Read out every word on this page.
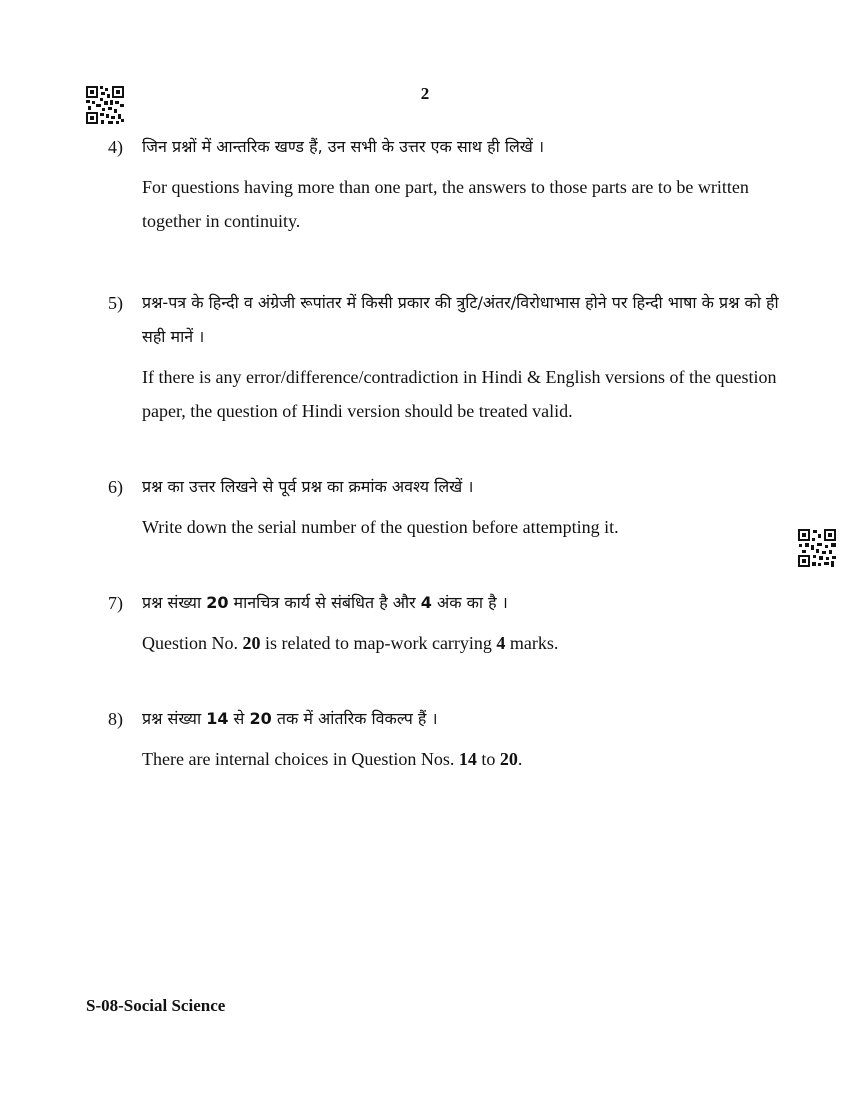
2
4) जिन प्रश्नों में आन्तरिक खण्ड हैं, उन सभी के उत्तर एक साथ ही लिखें ।
For questions having more than one part, the answers to those parts are to be written together in continuity.
5) प्रश्न-पत्र के हिन्दी व अंग्रेजी रूपांतर में किसी प्रकार की त्रुटि/अंतर/विरोधाभास होने पर हिन्दी भाषा के प्रश्न को ही सही मानें ।
If there is any error/difference/contradiction in Hindi & English versions of the question paper, the question of Hindi version should be treated valid.
6) प्रश्न का उत्तर लिखने से पूर्व प्रश्न का क्रमांक अवश्य लिखें ।
Write down the serial number of the question before attempting it.
7) प्रश्न संख्या 20 मानचित्र कार्य से संबंधित है और 4 अंक का है ।
Question No. 20 is related to map-work carrying 4 marks.
8) प्रश्न संख्या 14 से 20 तक में आंतरिक विकल्प हैं ।
There are internal choices in Question Nos. 14 to 20.
S-08-Social Science
